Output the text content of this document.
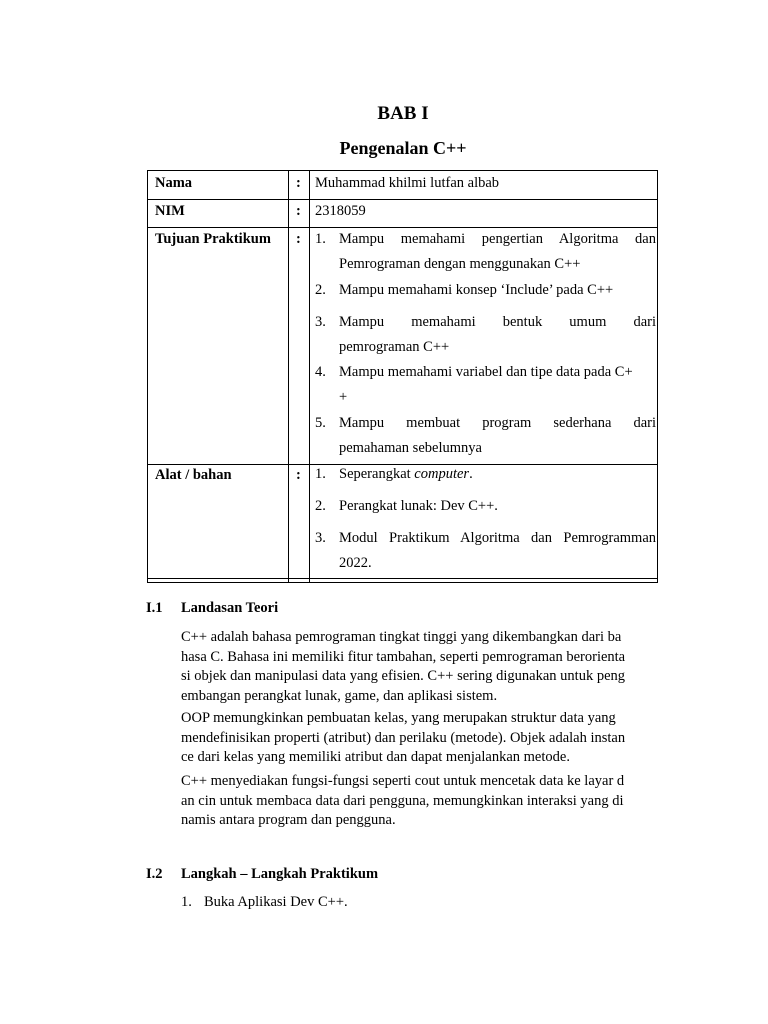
BAB I
Pengenalan C++
Nama	: Muhammad khilmi lutfan albab
NIM	: 2318059
Tujuan Praktikum : 1. Mampu memahami pengertian Algoritma dan
Pemrograman dengan menggunakan C++
2. Mampu memahami konsep ‘Include’ pada C++
3. Mampu memahami bentuk umum dari
pemrograman C++
4. Mampu memahami variabel dan tipe data pada C+
+
5. Mampu membuat program sederhana dari
pemahaman sebelumnya
Alat / bahan	: 1. Seperangkat computer.
2. Perangkat lunak: Dev C++.
3. Modul Praktikum Algoritma dan Pemrogramman
2022.
I.1 Landasan Teori
C++ adalah bahasa pemrograman tingkat tinggi yang dikembangkan dari ba
hasa C. Bahasa ini memiliki fitur tambahan, seperti pemrograman berorienta
si objek dan manipulasi data yang efisien. C++ sering digunakan untuk peng
embangan perangkat lunak, game, dan aplikasi sistem.
OOP memungkinkan pembuatan kelas, yang merupakan struktur data yang
mendefinisikan properti (atribut) dan perilaku (metode). Objek adalah instan
ce dari kelas yang memiliki atribut dan dapat menjalankan metode.
C++ menyediakan fungsi-fungsi seperti cout untuk mencetak data ke layar d
an cin untuk membaca data dari pengguna, memungkinkan interaksi yang di
namis antara program dan pengguna.
I.2 Langkah – Langkah Praktikum
1. Buka Aplikasi Dev C++.
